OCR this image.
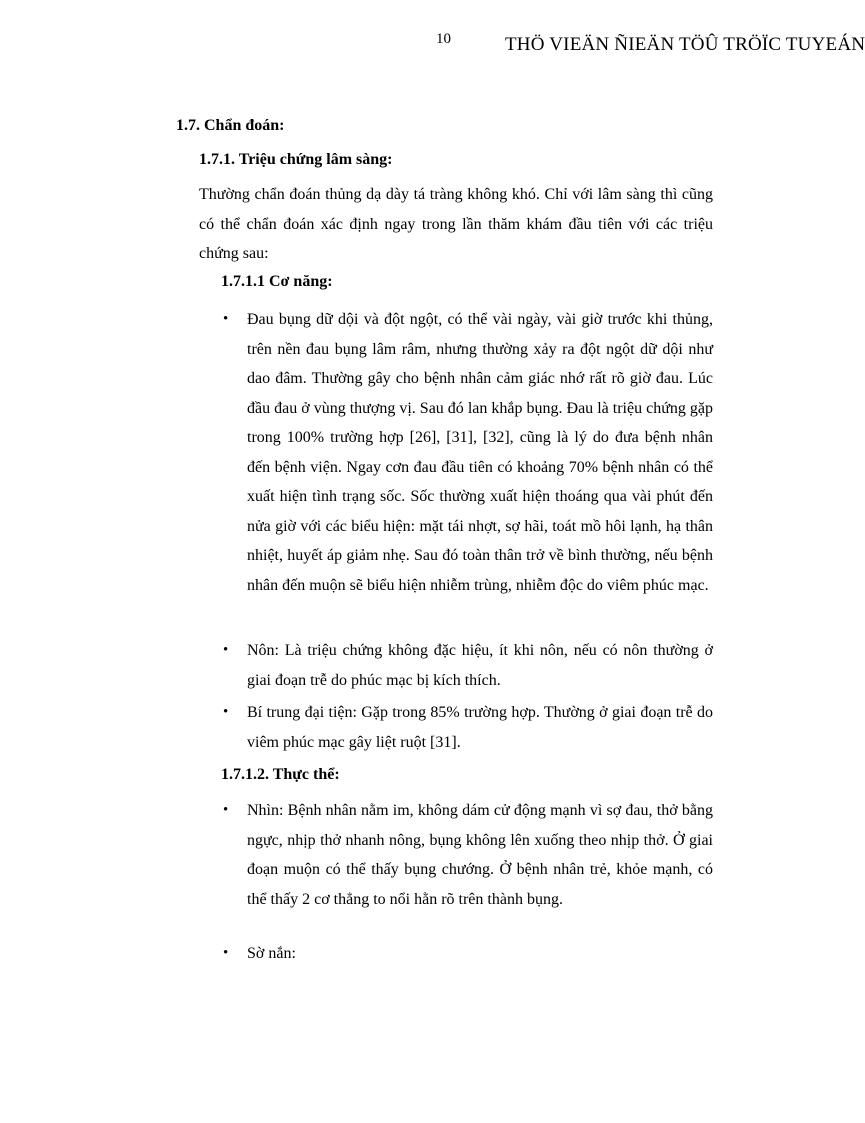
10	THÖ VIEÄN ÑIEÄN TÖÛ TRÖÏC TUYEÁN
1.7. Chẩn đoán:
1.7.1. Triệu chứng lâm sàng:
Thường chẩn đoán thủng dạ dày tá tràng không khó. Chỉ với lâm sàng thì cũng có thể chẩn đoán xác định ngay trong lần thăm khám đầu tiên với các triệu chứng sau:
1.7.1.1 Cơ năng:
•	Đau bụng dữ dội và đột ngột, có thể vài ngày, vài giờ trước khi thủng, trên nền đau bụng lâm râm, nhưng thường xảy ra đột ngột dữ dội như dao đâm. Thường gây cho bệnh nhân cảm giác nhớ rất rõ giờ đau. Lúc đầu đau ở vùng thượng vị. Sau đó lan khắp bụng. Đau là triệu chứng gặp trong 100% trường hợp [26], [31], [32], cũng là lý do đưa bệnh nhân đến bệnh viện. Ngay cơn đau đầu tiên có khoảng 70% bệnh nhân có thể xuất hiện tình trạng sốc. Sốc thường xuất hiện thoáng qua vài phút đến nửa giờ với các biểu hiện: mặt tái nhợt, sợ hãi, toát mồ hôi lạnh, hạ thân nhiệt, huyết áp giảm nhẹ. Sau đó toàn thân trở về bình thường, nếu bệnh nhân đến muộn sẽ biểu hiện nhiễm trùng, nhiễm độc do viêm phúc mạc.
•	Nôn: Là triệu chứng không đặc hiệu, ít khi nôn, nếu có nôn thường ở giai đoạn trễ do phúc mạc bị kích thích.
•	Bí trung đại tiện: Gặp trong 85% trường hợp. Thường ở giai đoạn trễ do viêm phúc mạc gây liệt ruột [31].
1.7.1.2. Thực thể:
•	Nhìn: Bệnh nhân nằm im, không dám cử động mạnh vì sợ đau, thở bằng ngực, nhịp thở nhanh nông, bụng không lên xuống theo nhịp thở. Ở giai đoạn muộn có thể thấy bụng chướng. Ở bệnh nhân trẻ, khỏe mạnh, có thể thấy 2 cơ thẳng to nổi hằn rõ trên thành bụng.
•	Sờ nắn:
